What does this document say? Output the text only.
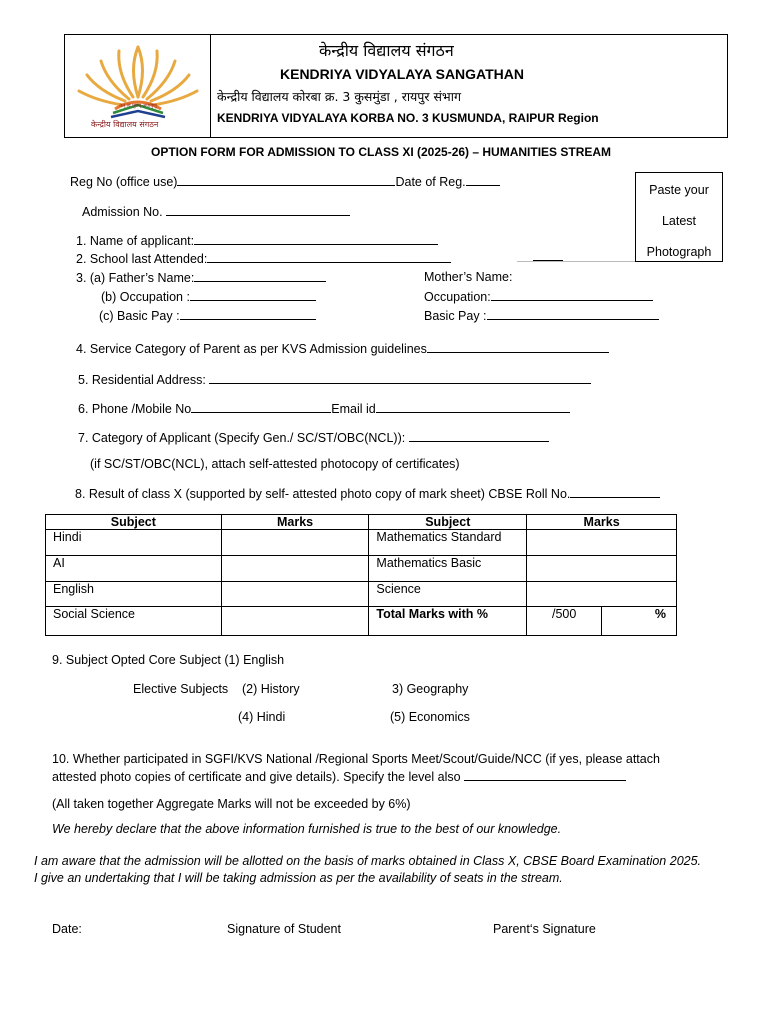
तत् त्वं पूषन् अपावृणु
केन्द्रीय विद्यालय संगठन
केन्द्रीय विद्यालय संगठन
KENDRIYA VIDYALAYA SANGATHAN
केन्द्रीय विद्यालय कोरबा क्र. 3 कुसमुंडा , रायपुर संभाग
KENDRIYA VIDYALAYA KORBA NO. 3 KUSMUNDA, RAIPUR Region
OPTION FORM FOR ADMISSION TO CLASS XI (2025-26) – HUMANITIES STREAM
Paste your
Latest
Photograph
Reg No (office use)	Date of Reg.
Admission No.
1. Name of applicant:
2. School last Attended:
3. (a) Father’s Name:	Mother’s Name:
(b) Occupation :	Occupation:
(c) Basic Pay :	Basic Pay :
4. Service Category of Parent as per KVS Admission guidelines
5. Residential Address:
6. Phone /Mobile No	Email id
7. Category of Applicant (Specify Gen./ SC/ST/OBC(NCL)):
(if SC/ST/OBC(NCL), attach self-attested photocopy of certificates)
8. Result of class X (supported by self- attested photo copy of mark sheet) CBSE Roll No.
Subject	Marks	Subject	Marks	
Hindi		Mathematics Standard		
AI		Mathematics Basic		
English		Science		
Social Science		Total Marks with %	/500	%
9. Subject Opted Core Subject (1) English
Elective Subjects (2) History	3) Geography
(4) Hindi	(5) Economics
10. Whether participated in SGFI/KVS National /Regional Sports Meet/Scout/Guide/NCC (if yes, please attach
attested photo copies of certificate and give details). Specify the level also
(All taken together Aggregate Marks will not be exceeded by 6%)
We hereby declare that the above information furnished is true to the best of our knowledge.
I am aware that the admission will be allotted on the basis of marks obtained in Class X, CBSE Board Examination 2025.
I give an undertaking that I will be taking admission as per the availability of seats in the stream.
Date:	Signature of Student	Parent‘s Signature
